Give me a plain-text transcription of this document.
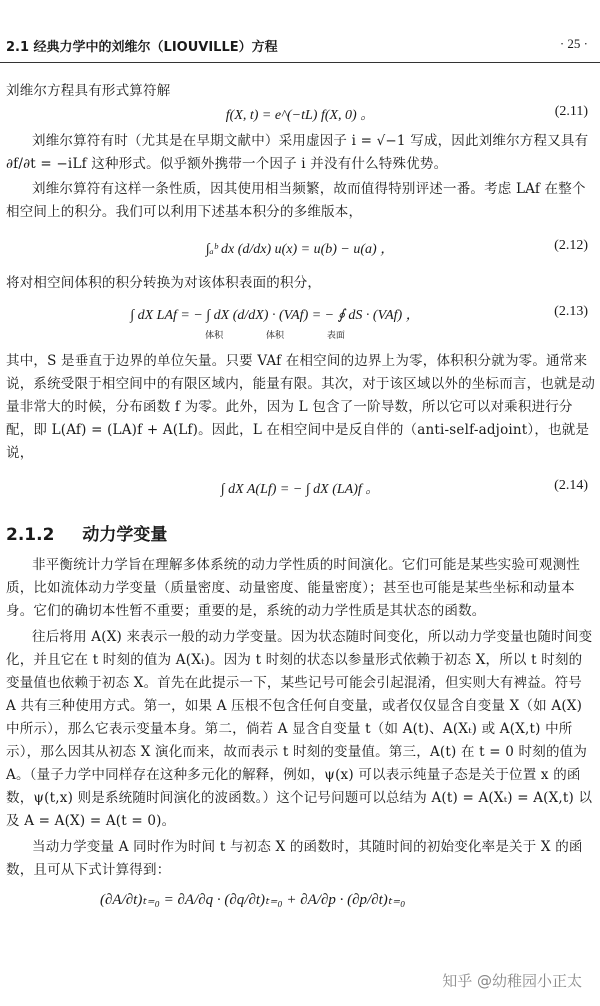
2.1 经典力学中的刘维尔（LIOUVILLE）方程	· 25 ·
刘维尔方程具有形式算符解
f(X, t) = e^(−tL) f(X, 0) 。	(2.11)
刘维尔算符有时（尤其是在早期文献中）采用虚因子 i = √−1 写成，因此刘维尔方程又具有 ∂f/∂t = −iLf 这种形式。似乎额外携带一个因子 i 并没有什么特殊优势。
刘维尔算符有这样一条性质，因其使用相当频繁，故而值得特别评述一番。考虑 LAf 在整个相空间上的积分。我们可以利用下述基本积分的多维版本，
∫ₐᵇ dx (d/dx) u(x) = u(b) − u(a) ，	(2.12)
将对相空间体积的积分转换为对该体积表面的积分，
∫ dX LAf = − ∫ dX (d/dX) · (VAf) = − ∮ dS · (VAf) ，
体积 体积 表面
(2.13)
其中，S 是垂直于边界的单位矢量。只要 VAf 在相空间的边界上为零，体积积分就为零。通常来说，系统受限于相空间中的有限区域内，能量有限。其次，对于该区域以外的坐标而言，也就是动量非常大的时候，分布函数 f 为零。此外，因为 L 包含了一阶导数，所以它可以对乘积进行分配，即 L(Af) = (LA)f + A(Lf)。因此，L 在相空间中是反自伴的（anti-self-adjoint），也就是说，
∫ dX A(Lf) = − ∫ dX (LA)f 。	(2.14)
2.1.2 动力学变量
非平衡统计力学旨在理解多体系统的动力学性质的时间演化。它们可能是某些实验可观测性质，比如流体动力学变量（质量密度、动量密度、能量密度）；甚至也可能是某些坐标和动量本身。它们的确切本性暂不重要；重要的是，系统的动力学性质是其状态的函数。
往后将用 A(X) 来表示一般的动力学变量。因为状态随时间变化，所以动力学变量也随时间变化，并且它在 t 时刻的值为 A(Xₜ)。因为 t 时刻的状态以参量形式依赖于初态 X，所以 t 时刻的变量值也依赖于初态 X。首先在此提示一下，某些记号可能会引起混淆，但实则大有裨益。符号 A 共有三种使用方式。第一，如果 A 压根不包含任何自变量，或者仅仅显含自变量 X（如 A(X) 中所示），那么它表示变量本身。第二，倘若 A 显含自变量 t（如 A(t)、A(Xₜ) 或 A(X,t) 中所示），那么因其从初态 X 演化而来，故而表示 t 时刻的变量值。第三，A(t) 在 t = 0 时刻的值为 A。（量子力学中同样存在这种多元化的解释，例如，ψ(x) 可以表示纯量子态是关于位置 x 的函数，ψ(t,x) 则是系统随时间演化的波函数。）这个记号问题可以总结为 A(t) = A(Xₜ) = A(X,t) 以及 A = A(X) = A(t = 0)。
当动力学变量 A 同时作为时间 t 与初态 X 的函数时，其随时间的初始变化率是关于 X 的函数，且可从下式计算得到：
(∂A/∂t)ₜ₌₀ = ∂A/∂q · (∂q/∂t)ₜ₌₀ + ∂A/∂p · (∂p/∂t)ₜ₌₀
知乎 @幼稚园小正太
